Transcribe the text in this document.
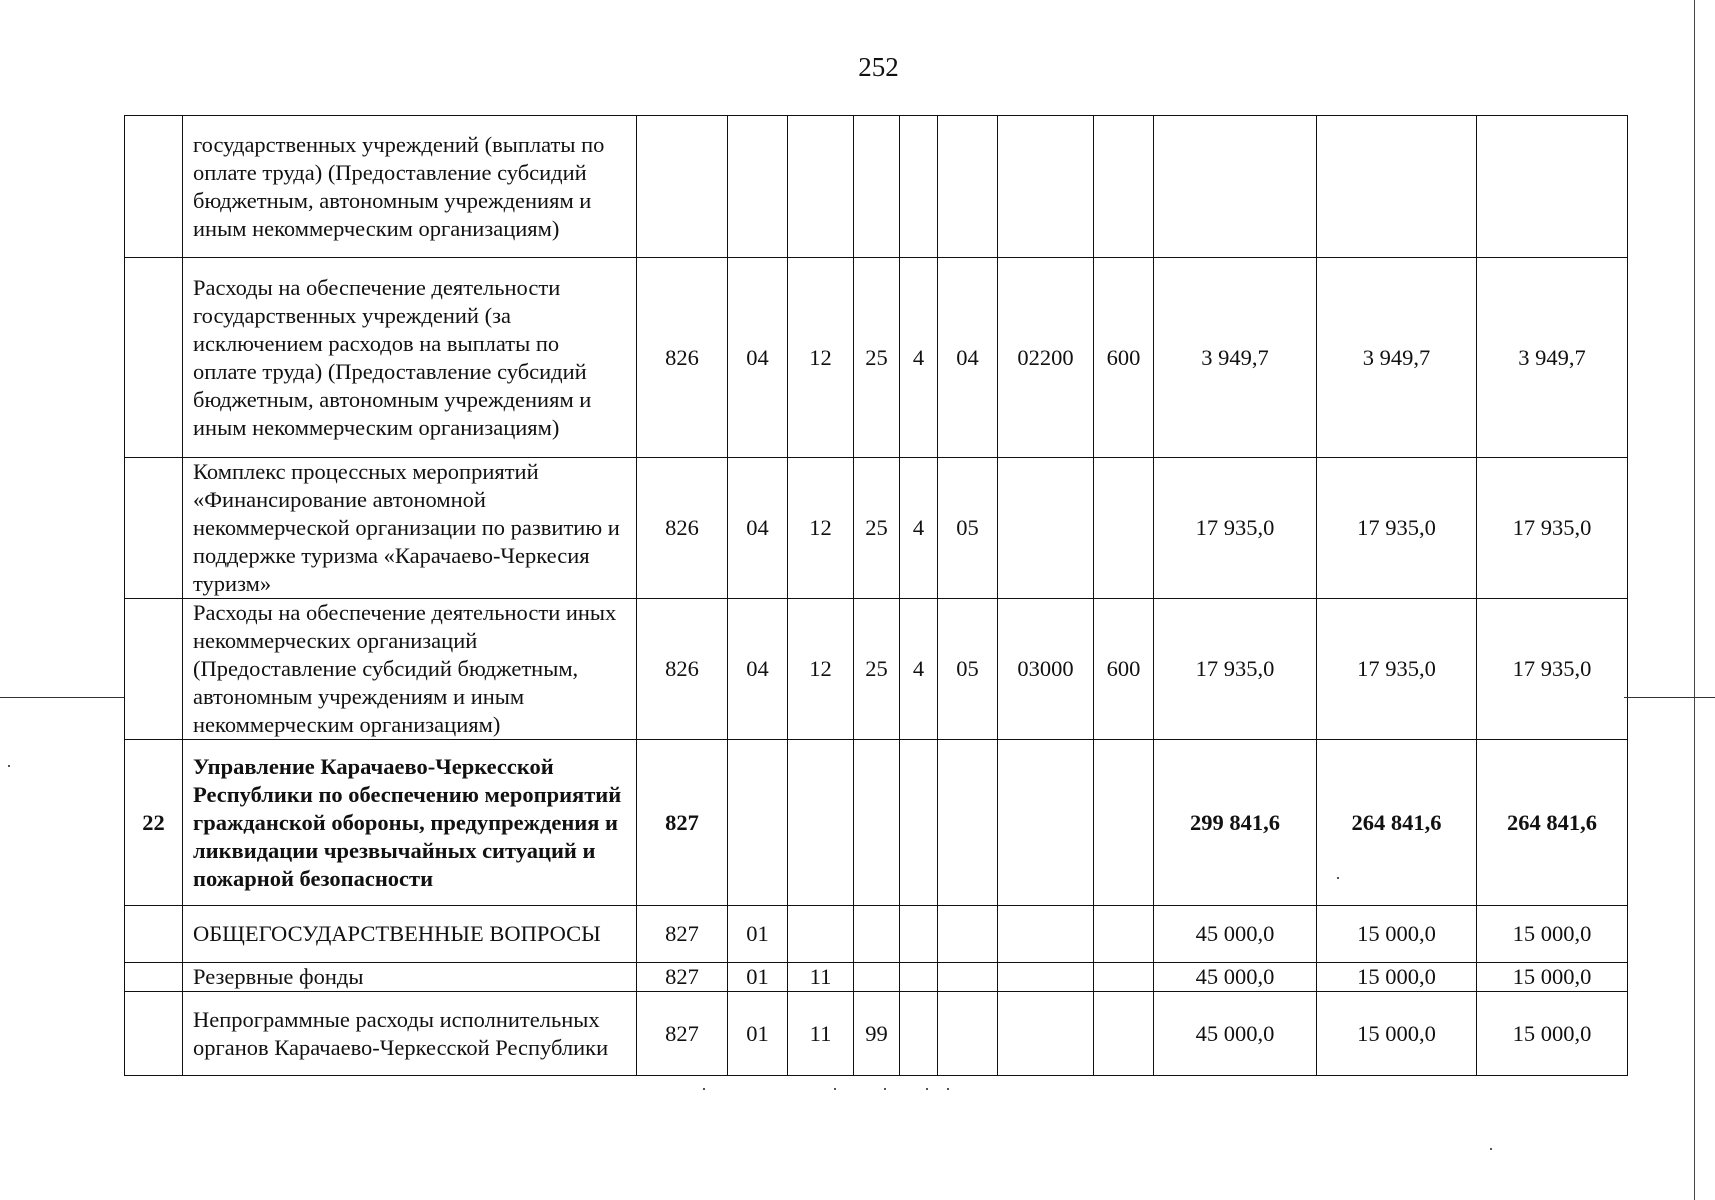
252
	государственных учреждений (выплаты по оплате труда) (Предоставление субсидий бюджетным, автономным учреждениям и иным некоммерческим организациям)											
	Расходы на обеспечение деятельности государственных учреждений (за исключением расходов на выплаты по оплате труда) (Предоставление субсидий бюджетным, автономным учреждениям и иным некоммерческим организациям)	826	04	12	25	4	04	02200	600	3 949,7	3 949,7	3 949,7
	Комплекс процессных мероприятий «Финансирование автономной некоммерческой организации по развитию и поддержке туризма «Карачаево-Черкесия туризм»	826	04	12	25	4	05			17 935,0	17 935,0	17 935,0
	Расходы на обеспечение деятельности иных некоммерческих организаций (Предоставление субсидий бюджетным, автономным учреждениям и иным некоммерческим организациям)	826	04	12	25	4	05	03000	600	17 935,0	17 935,0	17 935,0
22	Управление Карачаево-Черкесской Республики по обеспечению мероприятий гражданской обороны, предупреждения и ликвидации чрезвычайных ситуаций и пожарной безопасности	827								299 841,6	264 841,6	264 841,6
	ОБЩЕГОСУДАРСТВЕННЫЕ ВОПРОСЫ	827	01							45 000,0	15 000,0	15 000,0
	Резервные фонды	827	01	11						45 000,0	15 000,0	15 000,0
	Непрограммные расходы исполнительных органов Карачаево-Черкесской Республики	827	01	11	99					45 000,0	15 000,0	15 000,0
